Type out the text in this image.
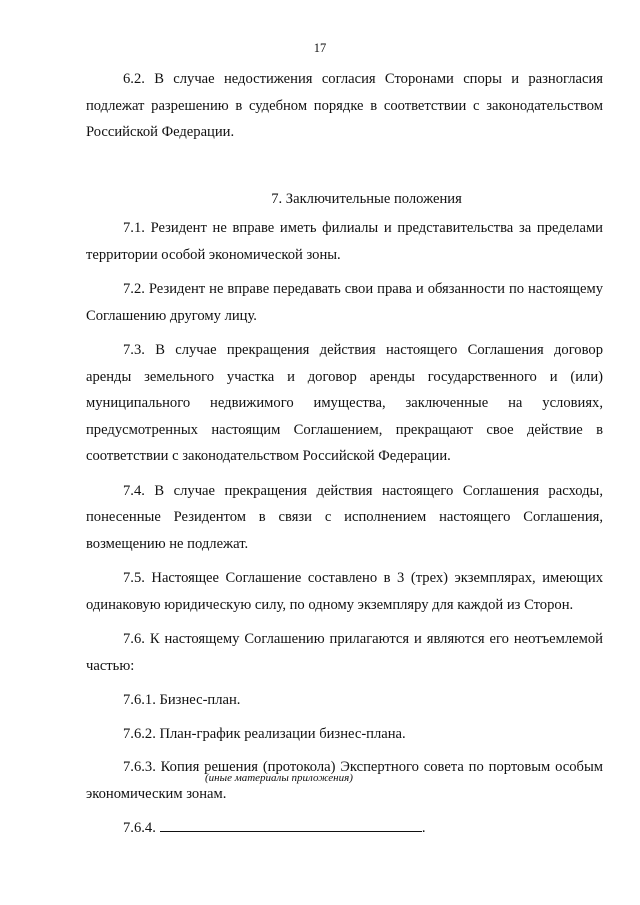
17

6.2. В случае недостижения согласия Сторонами споры и разногласия подлежат разрешению в судебном порядке в соответствии с законодательством Российской Федерации.

7. Заключительные положения

7.1. Резидент не вправе иметь филиалы и представительства за пределами территории особой экономической зоны.

7.2. Резидент не вправе передавать свои права и обязанности по настоящему Соглашению другому лицу.

7.3. В случае прекращения действия настоящего Соглашения договор аренды земельного участка и договор аренды государственного и (или) муниципального недвижимого имущества, заключенные на условиях, предусмотренных настоящим Соглашением, прекращают свое действие в соответствии с законодательством Российской Федерации.

7.4. В случае прекращения действия настоящего Соглашения расходы, понесенные Резидентом в связи с исполнением настоящего Соглашения, возмещению не подлежат.

7.5. Настоящее Соглашение составлено в 3 (трех) экземплярах, имеющих одинаковую юридическую силу, по одному экземпляру для каждой из Сторон.

7.6. К настоящему Соглашению прилагаются и являются его неотъемлемой частью:

7.6.1. Бизнес-план.

7.6.2. План-график реализации бизнес-плана.

7.6.3. Копия решения (протокола) Экспертного совета по портовым особым экономическим зонам.

7.6.4.	.

(иные материалы приложения)
